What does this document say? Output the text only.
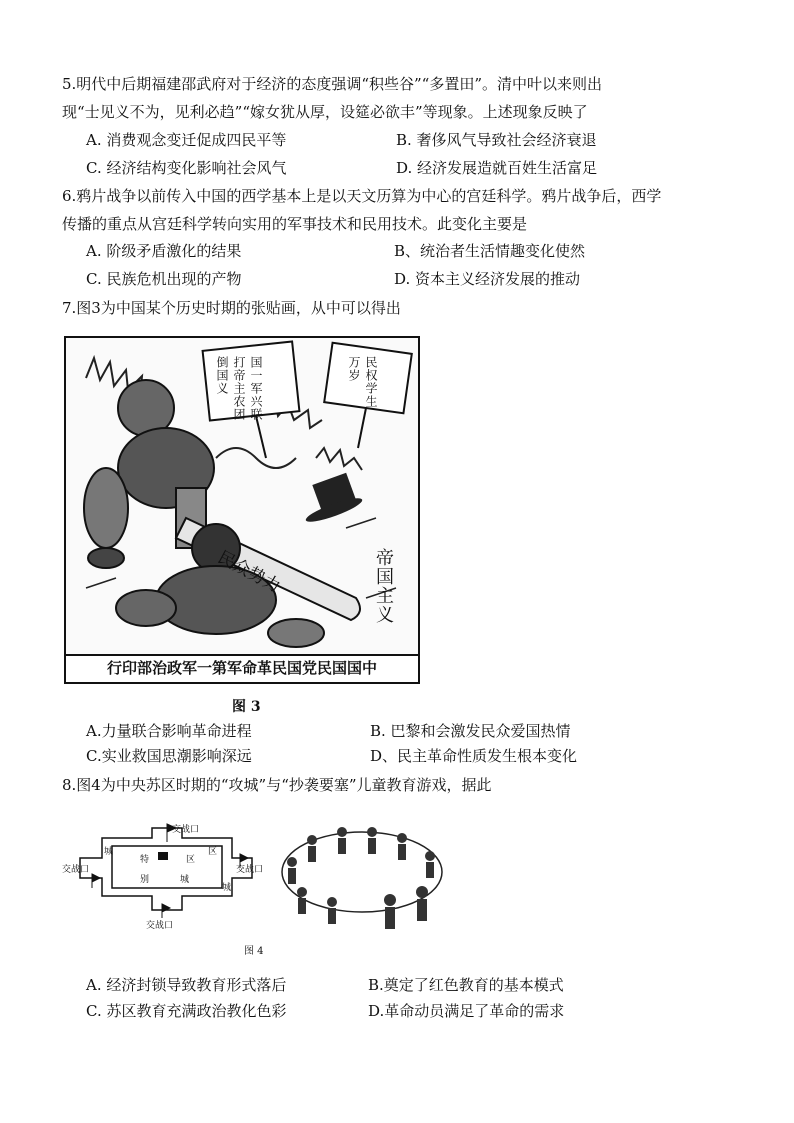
5.明代中后期福建邵武府对于经济的态度强调“积些谷”“多置田”。清中叶以来则出
现“士见义不为，见利必趋”“嫁女犹从厚，设筵必欲丰”等现象。上述现象反映了
A. 消费观念变迁促成四民平等	B. 奢侈风气导致社会经济衰退
C. 经济结构变化影响社会风气	D. 经济发展造就百姓生活富足
6.鸦片战争以前传入中国的西学基本上是以天文历算为中心的宫廷科学。鸦片战争后，西学
传播的重点从宫廷科学转向实用的军事技术和民用技术。此变化主要是
A. 阶级矛盾激化的结果	B、统治者生活情趣变化使然
C. 民族危机出现的产物	D. 资本主义经济发展的推动
7.图3为中国某个历史时期的张贴画，从中可以得出
国一军兴联打帝主农团倒国义	民权学生万岁
民众势力	帝国主义
行印部治政军一第军命革民国党民国国中
图 3
A.力量联合影响革命进程	B. 巴黎和会激发民众爱国热情
C.实业救国思潮影响深远	D、民主革命性质发生根本变化
8.图4为中央苏区时期的“攻城”与“抄袭要塞”儿童教育游戏，据此
交战口
交战口
交战口
交战口
特	区
别	城
城	区
城
图 4
A. 经济封锁导致教育形式落后	B.奠定了红色教育的基本模式
C. 苏区教育充满政治教化色彩	D.革命动员满足了革命的需求
